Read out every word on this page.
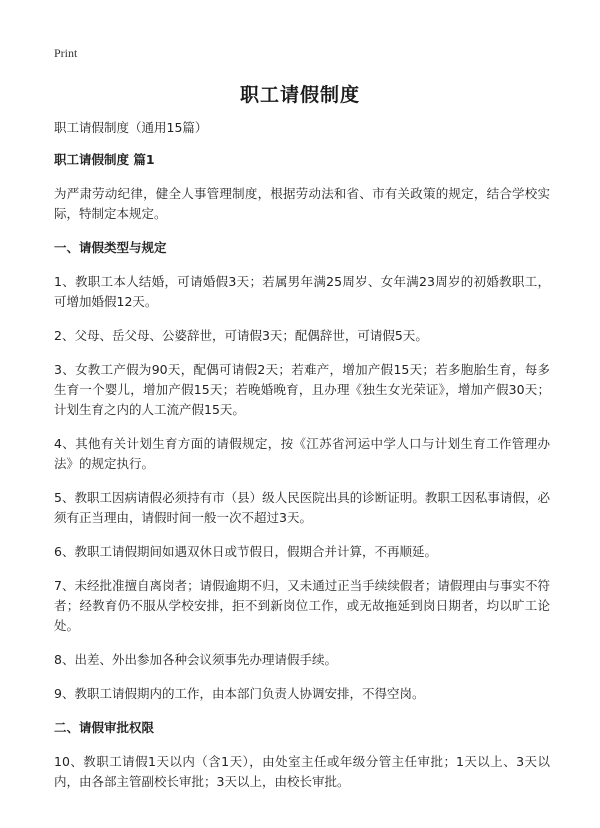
Print
职工请假制度

职工请假制度（通用15篇）

职工请假制度 篇1

为严肃劳动纪律，健全人事管理制度，根据劳动法和省、市有关政策的规定，结合学校实际，特制定本规定。

一、请假类型与规定

1、教职工本人结婚，可请婚假3天；若属男年满25周岁、女年满23周岁的初婚教职工，可增加婚假12天。

2、父母、岳父母、公婆辞世，可请假3天；配偶辞世，可请假5天。

3、女教工产假为90天，配偶可请假2天；若难产，增加产假15天；若多胞胎生育，每多生育一个婴儿，增加产假15天；若晚婚晚育，且办理《独生女光荣证》，增加产假30天；计划生育之内的人工流产假15天。

4、其他有关计划生育方面的请假规定，按《江苏省河运中学人口与计划生育工作管理办法》的规定执行。

5、教职工因病请假必须持有市（县）级人民医院出具的诊断证明。教职工因私事请假，必须有正当理由，请假时间一般一次不超过3天。

6、教职工请假期间如遇双休日或节假日，假期合并计算，不再顺延。

7、未经批准擅自离岗者；请假逾期不归，又未通过正当手续续假者；请假理由与事实不符者；经教育仍不服从学校安排，拒不到新岗位工作，或无故拖延到岗日期者，均以旷工论处。

8、出差、外出参加各种会议须事先办理请假手续。

9、教职工请假期内的工作，由本部门负责人协调安排，不得空岗。

二、请假审批权限

10、教职工请假1天以内（含1天），由处室主任或年级分管主任审批；1天以上、3天以内，由各部主管副校长审批；3天以上，由校长审批。
